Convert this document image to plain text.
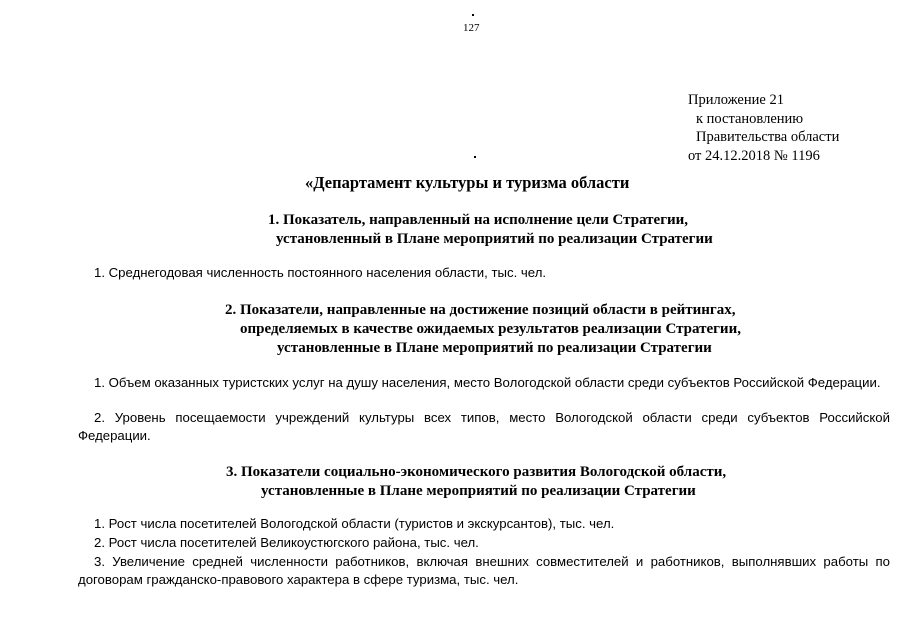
127
Приложение 21
к постановлению
Правительства области
от 24.12.2018 № 1196
«Департамент культуры и туризма области
1. Показатель, направленный на исполнение цели Стратегии,
установленный в Плане мероприятий по реализации Стратегии
1. Среднегодовая численность постоянного населения области, тыс. чел.
2. Показатели, направленные на достижение позиций области в рейтингах,
определяемых в качестве ожидаемых результатов реализации Стратегии,
установленные в Плане мероприятий по реализации Стратегии
1. Объем оказанных туристских услуг на душу населения, место Вологодской области среди субъектов Российской Федерации.
2. Уровень посещаемости учреждений культуры всех типов, место Вологодской области среди субъектов Российской Федерации.
3. Показатели социально-экономического развития Вологодской области,
установленные в Плане мероприятий по реализации Стратегии
1. Рост числа посетителей Вологодской области (туристов и экскурсантов), тыс. чел.
2. Рост числа посетителей Великоустюгского района, тыс. чел.
3. Увеличение средней численности работников, включая внешних совместителей и работников, выполнявших работы по договорам гражданско-правового характера в сфере туризма, тыс. чел.
